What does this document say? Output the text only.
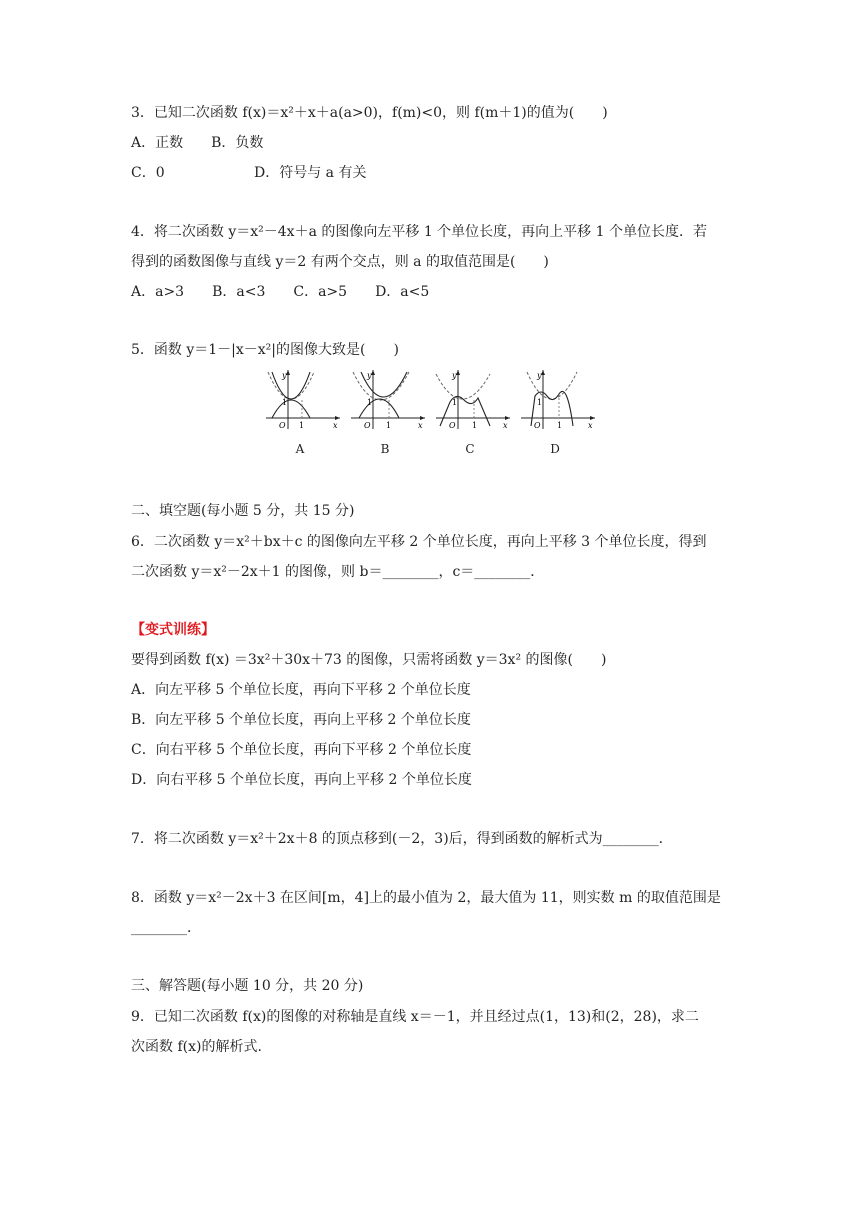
3．已知二次函数 f(x)＝x²＋x＋a(a>0)，f(m)<0，则 f(m＋1)的值为(　　)
A．正数　　B．负数
C．0	D．符号与 a 有关
4．将二次函数 y＝x²－4x＋a 的图像向左平移 1 个单位长度，再向上平移 1 个单位长度．若
得到的函数图像与直线 y＝2 有两个交点，则 a 的取值范围是(　　)
A．a>3　　B．a<3　　C．a>5　　D．a<5
5．函数 y＝1－|x－x²|的图像大致是(　　)
y
1
O 1	x
A
y
1
O 1	x
B
y
1
O 1	x
C
y
1
O 1	x
D
二、填空题(每小题 5 分，共 15 分)
6．二次函数 y＝x²＋bx＋c 的图像向左平移 2 个单位长度，再向上平移 3 个单位长度，得到
二次函数 y＝x²－2x＋1 的图像，则 b＝________，c＝________．
【变式训练】
要得到函数 f(x) ＝3x²＋30x＋73 的图像，只需将函数 y＝3x² 的图像(　　)
A．向左平移 5 个单位长度，再向下平移 2 个单位长度
B．向左平移 5 个单位长度，再向上平移 2 个单位长度
C．向右平移 5 个单位长度，再向下平移 2 个单位长度
D．向右平移 5 个单位长度，再向上平移 2 个单位长度
7．将二次函数 y＝x²＋2x＋8 的顶点移到(－2，3)后，得到函数的解析式为________．
8．函数 y＝x²－2x＋3 在区间[m，4]上的最小值为 2，最大值为 11，则实数 m 的取值范围是
________．
三、解答题(每小题 10 分，共 20 分)
9．已知二次函数 f(x)的图像的对称轴是直线 x＝－1，并且经过点(1，13)和(2，28)，求二
次函数 f(x)的解析式.
